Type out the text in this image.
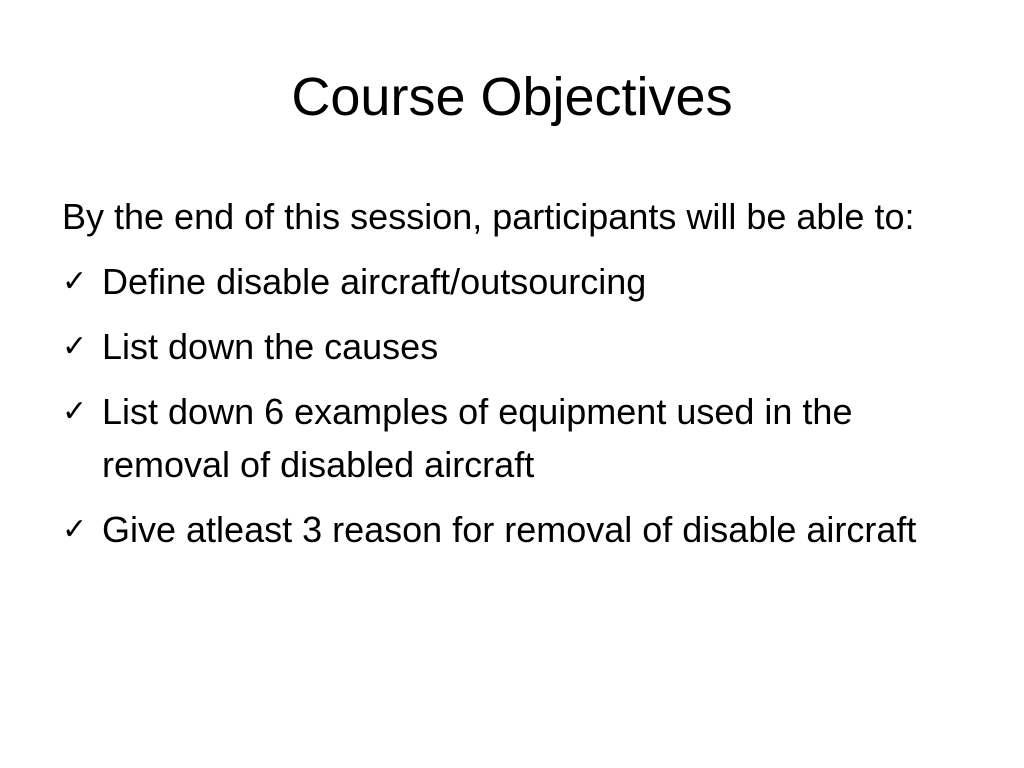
Course Objectives
By the end of this session, participants will be able to:
✓ Define disable aircraft/outsourcing
✓ List down the causes
✓ List down 6 examples of equipment used in the removal of disabled aircraft
✓ Give atleast 3 reason for removal of disable aircraft
